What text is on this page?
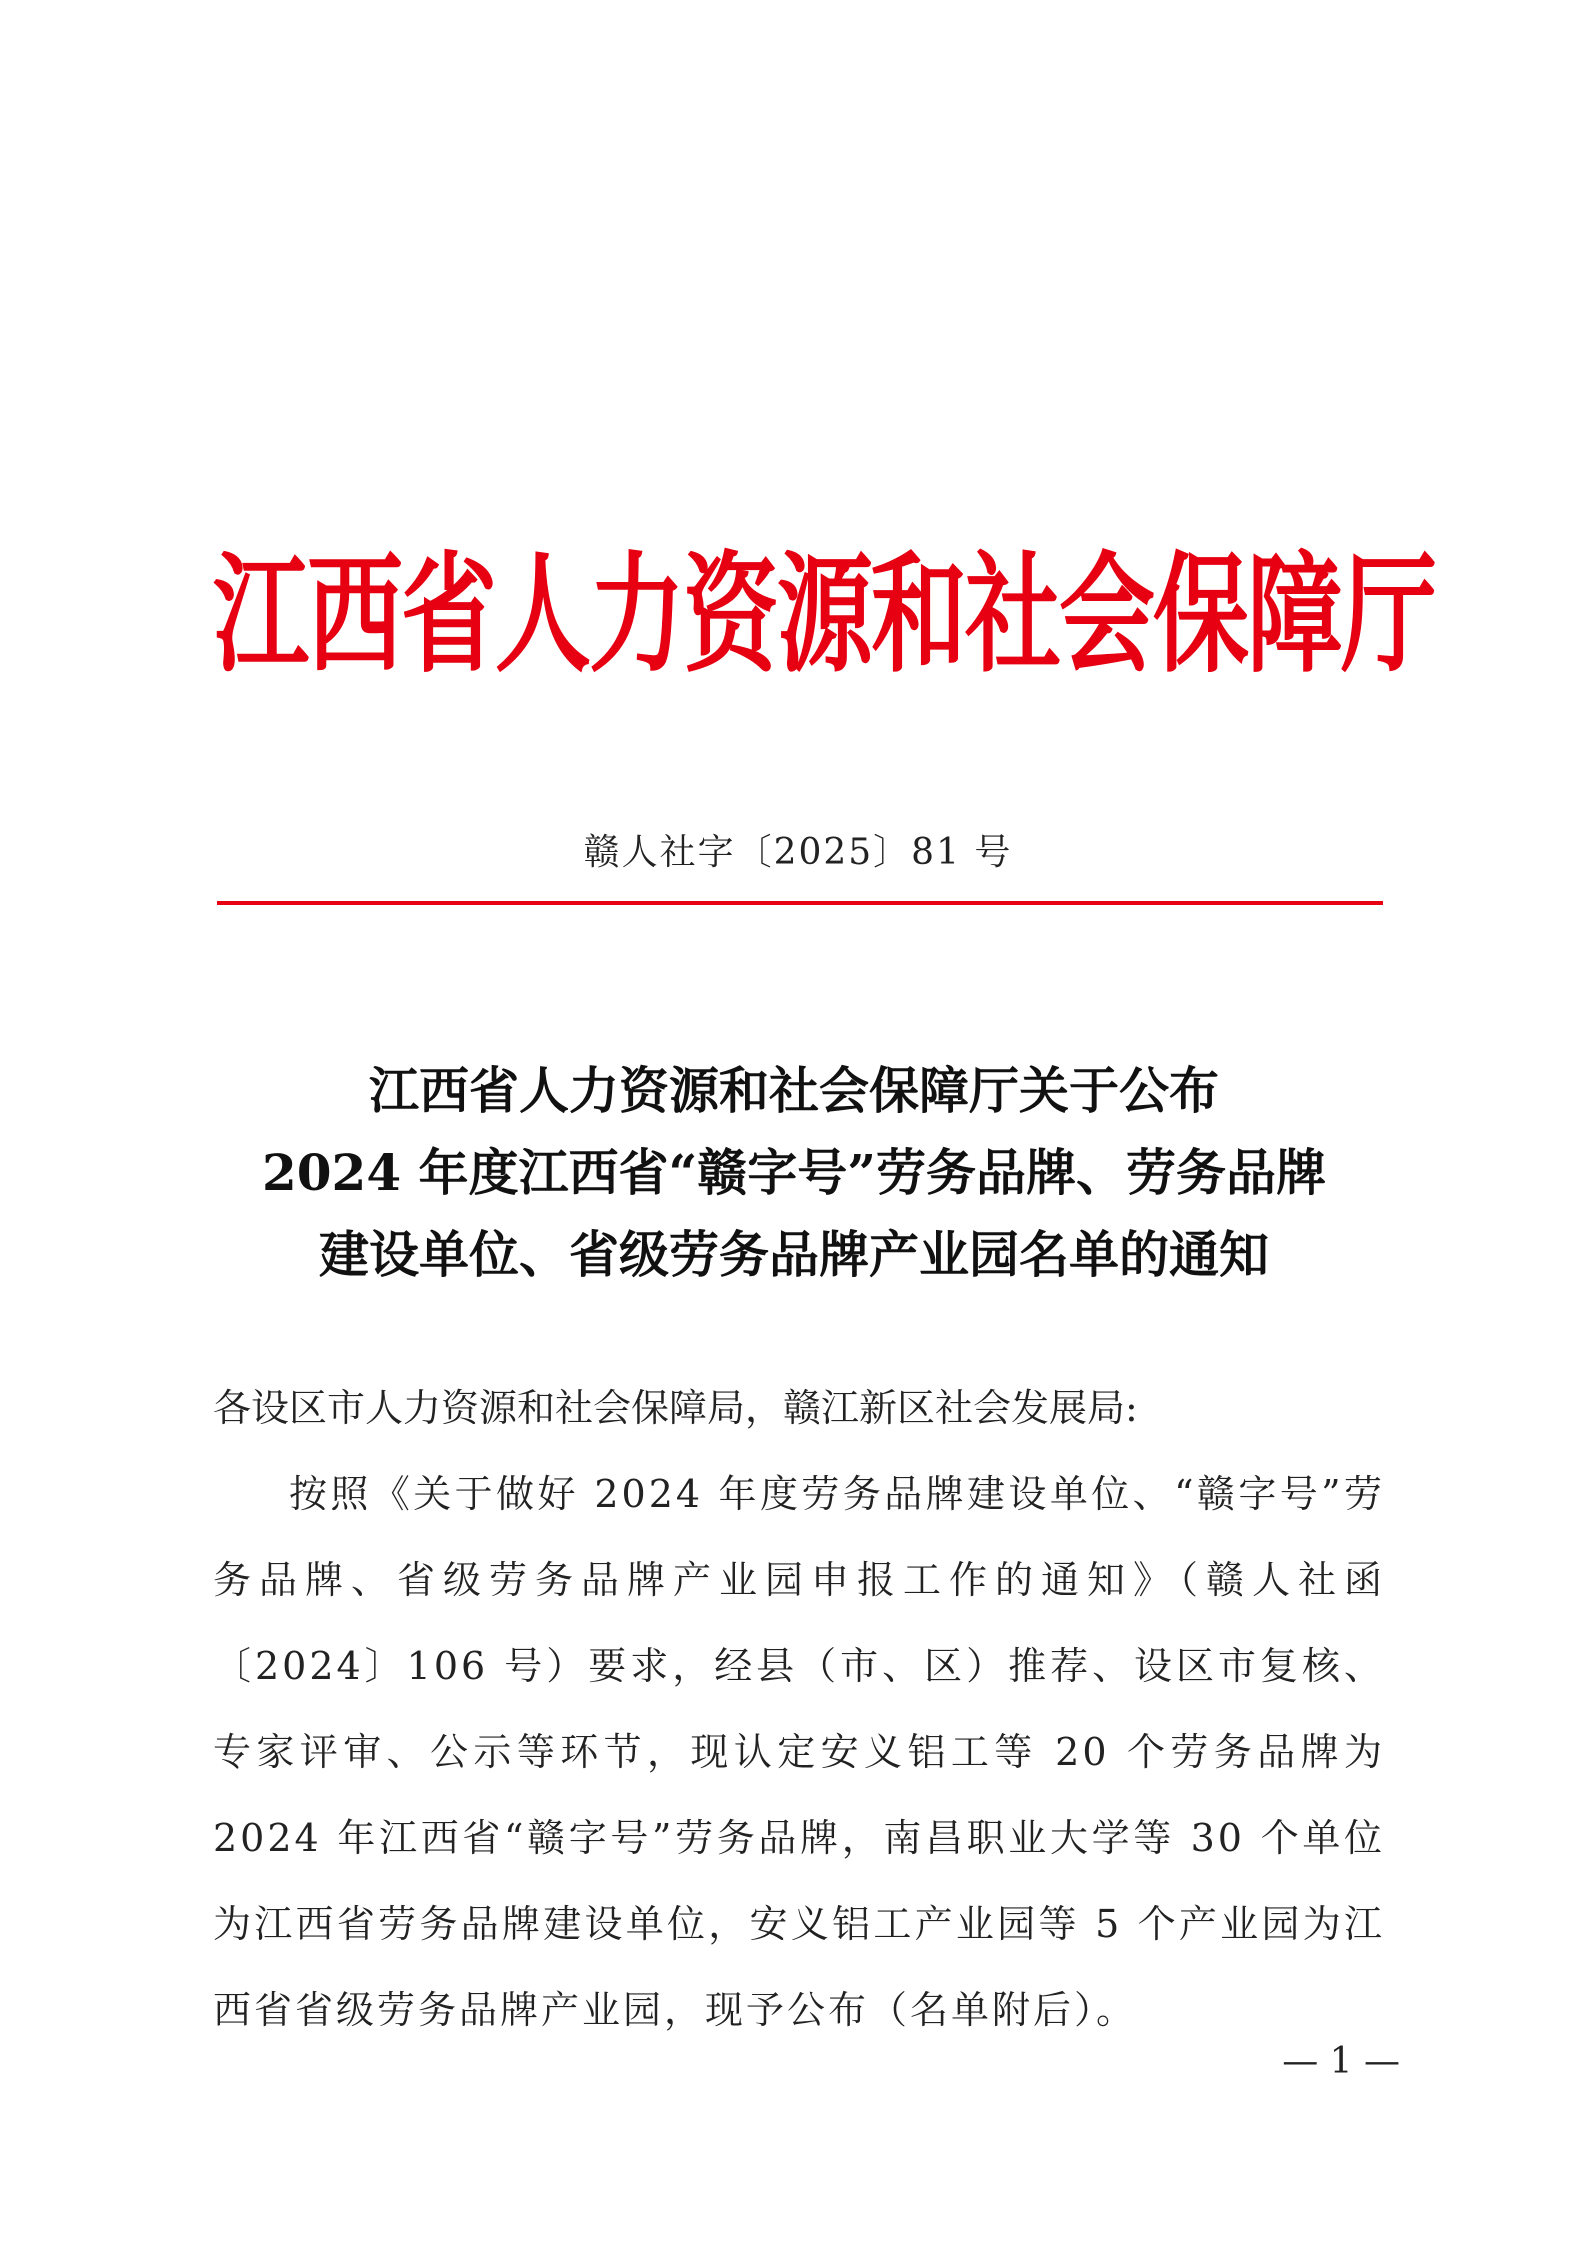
江西省人力资源和社会保障厅
赣人社字〔2025〕81 号
江西省人力资源和社会保障厅关于公布
2024 年度江西省“赣字号”劳务品牌、劳务品牌
建设单位、省级劳务品牌产业园名单的通知
各设区市人力资源和社会保障局，赣江新区社会发展局:
按照《关于做好 2024 年度劳务品牌建设单位、“赣字号”劳务品牌、省级劳务品牌产业园申报工作的通知》（赣人社函〔2024〕106 号）要求，经县（市、区）推荐、设区市复核、专家评审、公示等环节，现认定安义铝工等 20 个劳务品牌为 2024 年江西省“赣字号”劳务品牌，南昌职业大学等 30 个单位为江西省劳务品牌建设单位，安义铝工产业园等 5 个产业园为江西省省级劳务品牌产业园，现予公布（名单附后）。
— 1 —
